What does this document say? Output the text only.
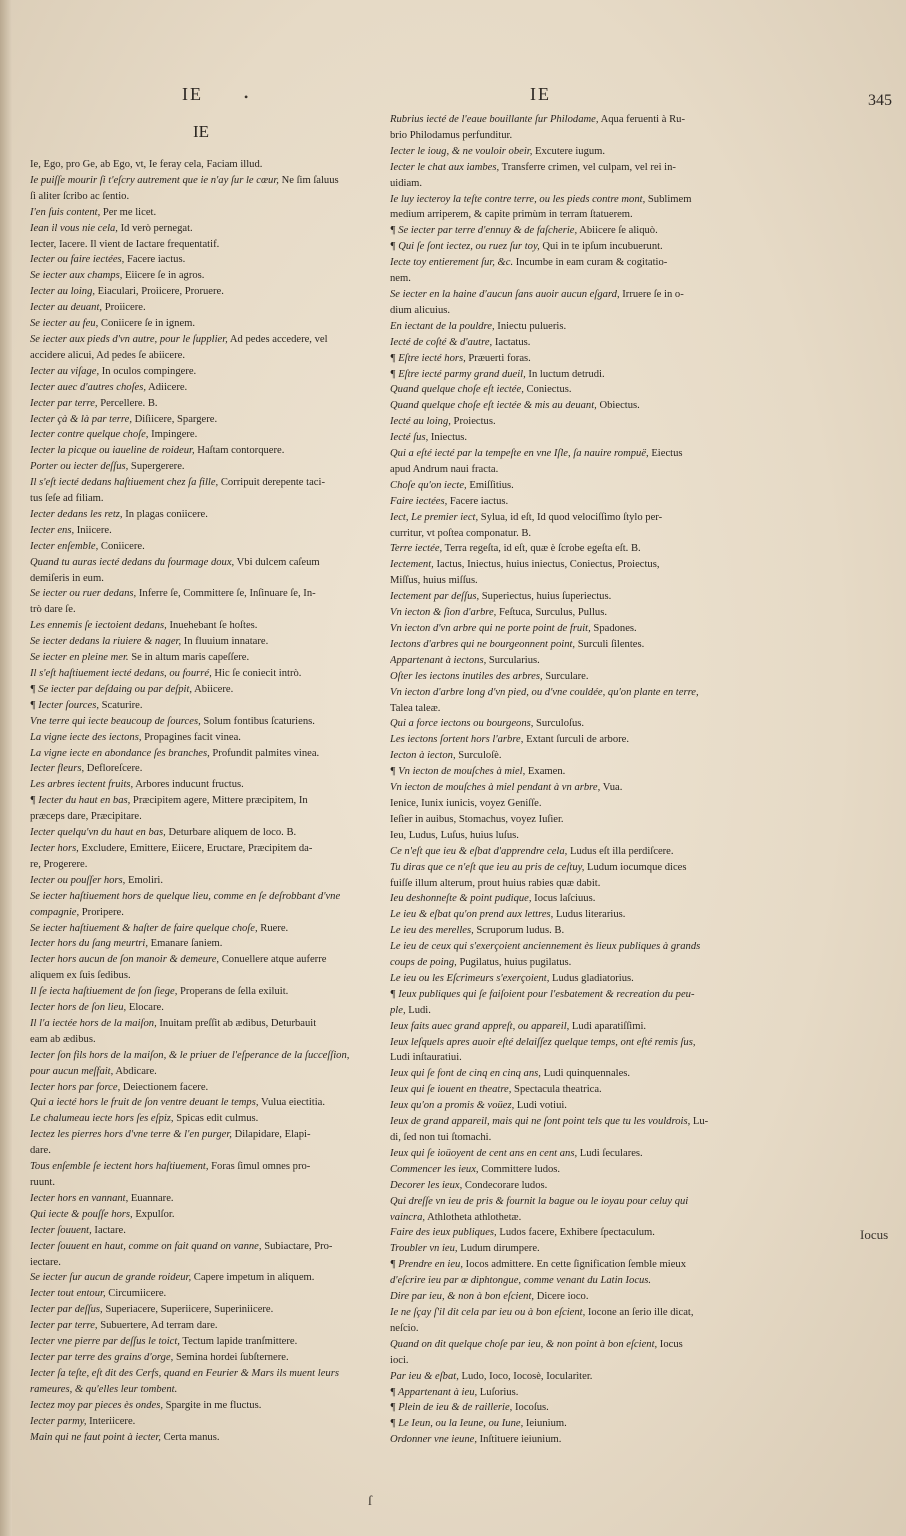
IE	•	IE	345
IE
Ie, Ego, pro Ge, ab Ego, vt, Ie feray cela, Faciam illud.
Ie puiſſe mourir ſi t'eſcry autrement que ie n'ay ſur le cœur, Ne ſim ſaluus
ſi aliter ſcribo ac ſentio.
I'en ſuis content, Per me licet.
Iean il vous nie cela, Id verò pernegat.
Iecter, Iacere. Il vient de Iactare frequentatif.
Iecter ou faire iectées, Facere iactus.
Se iecter aux champs, Eiicere ſe in agros.
Iecter au loing, Eiaculari, Proiicere, Proruere.
Iecter au deuant, Proiicere.
Se iecter au feu, Coniicere ſe in ignem.
Se iecter aux pieds d'vn autre, pour le ſupplier, Ad pedes accedere, vel
accidere alicui, Ad pedes ſe abiicere.
Iecter au viſage, In oculos compingere.
Iecter auec d'autres choſes, Adiicere.
Iecter par terre, Percellere. B.
Iecter çà & là par terre, Diſiicere, Spargere.
Iecter contre quelque choſe, Impingere.
Iecter la picque ou iaueline de roideur, Haſtam contorquere.
Porter ou iecter deſſus, Supergerere.
Il s'eſt iecté dedans haſtiuement chez ſa fille, Corripuit derepente taci-
tus ſeſe ad filiam.
Iecter dedans les retz, In plagas coniicere.
Iecter ens, Iniicere.
Iecter enſemble, Coniicere.
Quand tu auras iecté dedans du fourmage doux, Vbi dulcem caſeum
demiſeris in eum.
Se iecter ou ruer dedans, Inferre ſe, Committere ſe, Inſinuare ſe, In-
trò dare ſe.
Les ennemis ſe iectoient dedans, Inuehebant ſe hoſtes.
Se iecter dedans la riuiere & nager, In fluuium innatare.
Se iecter en pleine mer. Se in altum maris capeſſere.
Il s'eſt haſtiuement iecté dedans, ou fourré, Hic ſe coniecit intrò.
¶ Se iecter par deſdaing ou par deſpit, Abiicere.
¶ Iecter ſources, Scaturire.
Vne terre qui iecte beaucoup de ſources, Solum fontibus ſcaturiens.
La vigne iecte des iectons, Propagines facit vinea.
La vigne iecte en abondance ſes branches, Profundit palmites vinea.
Iecter fleurs, Defloreſcere.
Les arbres iectent fruits, Arbores inducunt fructus.
¶ Iecter du haut en bas, Præcipitem agere, Mittere præcipitem, In
præceps dare, Præcipitare.
Iecter quelqu'vn du haut en bas, Deturbare aliquem de loco. B.
Iecter hors, Excludere, Emittere, Eiicere, Eructare, Præcipitem da-
re, Progerere.
Iecter ou pouſſer hors, Emoliri.
Se iecter haſtiuement hors de quelque lieu, comme en ſe deſrobbant d'vne
compagnie, Proripere.
Se iecter haſtiuement & haſter de faire quelque choſe, Ruere.
Iecter hors du ſang meurtri, Emanare ſaniem.
Iecter hors aucun de ſon manoir & demeure, Conuellere atque auferre
aliquem ex ſuis ſedibus.
Il ſe iecta haſtiuement de ſon ſiege, Properans de ſella exiluit.
Iecter hors de ſon lieu, Elocare.
Il l'a iectée hors de la maiſon, Inuitam preſſit ab ædibus, Deturbauit
eam ab ædibus.
Iecter ſon fils hors de la maiſon, & le priuer de l'eſperance de la ſucceſſion,
pour aucun meſfait, Abdicare.
Iecter hors par force, Deiectionem facere.
Qui a iecté hors le fruit de ſon ventre deuant le temps, Vulua eiectitia.
Le chalumeau iecte hors ſes eſpiz, Spicas edit culmus.
Iectez les pierres hors d'vne terre & l'en purger, Dilapidare, Elapi-
dare.
Tous enſemble ſe iectent hors haſtiuement, Foras ſimul omnes pro-
ruunt.
Iecter hors en vannant, Euannare.
Qui iecte & pouſſe hors, Expulſor.
Iecter ſouuent, Iactare.
Iecter ſouuent en haut, comme on fait quand on vanne, Subiactare, Pro-
iectare.
Se iecter ſur aucun de grande roideur, Capere impetum in aliquem.
Iecter tout entour, Circumiicere.
Iecter par deſſus, Superiacere, Superiicere, Superiniicere.
Iecter par terre, Subuertere, Ad terram dare.
Iecter vne pierre par deſſus le toict, Tectum lapide tranſmittere.
Iecter par terre des grains d'orge, Semina hordei ſubſternere.
Iecter ſa teſte, eſt dit des Cerfs, quand en Feurier & Mars ils muent leurs
rameures, & qu'elles leur tombent.
Iectez moy par pieces ès ondes, Spargite in me fluctus.
Iecter parmy, Interiicere.
Main qui ne faut point à iecter, Certa manus.
Rubrius iecté de l'eaue bouillante ſur Philodame, Aqua feruenti à Ru-
brio Philodamus perfunditur.
Iecter le ioug, & ne vouloir obeir, Excutere iugum.
Iecter le chat aux iambes, Transferre crimen, vel culpam, vel rei in-
uidiam.
Ie luy iecteroy la teſte contre terre, ou les pieds contre mont, Sublimem
medium arriperem, & capite primùm in terram ſtatuerem.
¶ Se iecter par terre d'ennuy & de faſcherie, Abiicere ſe aliquò.
¶ Qui ſe ſont iectez, ou ruez ſur toy, Qui in te ipſum incubuerunt.
Iecte toy entierement ſur, &c. Incumbe in eam curam & cogitatio-
nem.
Se iecter en la haine d'aucun ſans auoir aucun eſgard, Irruere ſe in o-
dium alicuius.
En iectant de la pouldre, Iniectu pulueris.
Iecté de coſté & d'autre, Iactatus.
¶ Eſtre iecté hors, Præuerti foras.
¶ Eſtre iecté parmy grand dueil, In luctum detrudi.
Quand quelque choſe eſt iectée, Coniectus.
Quand quelque choſe eſt iectée & mis au deuant, Obiectus.
Iecté au loing, Proiectus.
Iecté ſus, Iniectus.
Qui a eſté iecté par la tempeſte en vne Iſle, ſa nauire rompuë, Eiectus
apud Andrum naui fracta.
Choſe qu'on iecte, Emiſſitius.
Faire iectées, Facere iactus.
Iect, Le premier iect, Sylua, id eſt, Id quod velociſſimo ſtylo per-
curritur, vt poſtea componatur. B.
Terre iectée, Terra regeſta, id eſt, quæ è ſcrobe egeſta eſt. B.
Iectement, Iactus, Iniectus, huius iniectus, Coniectus, Proiectus,
Miſſus, huius miſſus.
Iectement par deſſus, Superiectus, huius ſuperiectus.
Vn iecton & ſion d'arbre, Feſtuca, Surculus, Pullus.
Vn iecton d'vn arbre qui ne porte point de fruit, Spadones.
Iectons d'arbres qui ne bourgeonnent point, Surculi ſilentes.
Appartenant à iectons, Surcularius.
Oſter les iectons inutiles des arbres, Surculare.
Vn iecton d'arbre long d'vn pied, ou d'vne couldée, qu'on plante en terre,
Talea taleæ.
Qui a force iectons ou bourgeons, Surculoſus.
Les iectons ſortent hors l'arbre, Extant ſurculi de arbore.
Iecton à iecton, Surculoſè.
¶ Vn iecton de mouſches à miel, Examen.
Vn iecton de mouſches à miel pendant à vn arbre, Vua.
Ienice, Iunix iunicis, voyez Geniſſe.
Ieſier in auibus, Stomachus, voyez Iuſier.
Ieu, Ludus, Luſus, huius luſus.
Ce n'eſt que ieu & eſbat d'apprendre cela, Ludus eſt illa perdiſcere.
Tu diras que ce n'eſt que ieu au pris de ceſtuy, Ludum iocumque dices
fuiſſe illum alterum, prout huius rabies quæ dabit.
Ieu deshonneſte & point pudique, Iocus laſciuus.
Le ieu & eſbat qu'on prend aux lettres, Ludus literarius.
Le ieu des merelles, Scruporum ludus. B.
Le ieu de ceux qui s'exerçoient anciennement ès lieux publiques à grands
coups de poing, Pugilatus, huius pugilatus.
Le ieu ou les Eſcrimeurs s'exerçoient, Ludus gladiatorius.
¶ Ieux publiques qui ſe faiſoient pour l'esbatement & recreation du peu-
ple, Ludi.
Ieux faits auec grand appreſt, ou appareil, Ludi aparatiſſimi.
Ieux leſquels apres auoir eſté delaiſſez quelque temps, ont eſté remis ſus,
Ludi inſtauratiui.
Ieux qui ſe font de cinq en cinq ans, Ludi quinquennales.
Ieux qui ſe iouent en theatre, Spectacula theatrica.
Ieux qu'on a promis & voüez, Ludi votiui.
Ieux de grand appareil, mais qui ne ſont point tels que tu les vouldrois, Lu-
di, ſed non tui ſtomachi.
Ieux qui ſe ioüoyent de cent ans en cent ans, Ludi ſeculares.
Commencer les ieux, Committere ludos.
Decorer les ieux, Condecorare ludos.
Qui dreſſe vn ieu de pris & fournit la bague ou le ioyau pour celuy qui
vaincra, Athlotheta athlothetæ.
Faire des ieux publiques, Ludos facere, Exhibere ſpectaculum.
Troubler vn ieu, Ludum dirumpere.
¶ Prendre en ieu, Iocos admittere. En cette ſignification ſemble mieux
d'eſcrire ieu par œ diphtongue, comme venant du Latin Iocus.
Dire par ieu, & non à bon eſcient, Dicere ioco.
Ie ne ſçay ſ'il dit cela par ieu ou à bon eſcient, Iocone an ſerio ille dicat,
neſcio.
Quand on dit quelque choſe par ieu, & non point à bon eſcient, Iocus
ioci.
Par ieu & eſbat, Ludo, Ioco, Iocosè, Iocularìter.
¶ Appartenant à ieu, Luſorius.
¶ Plein de ieu & de raillerie, Iocoſus.
¶ Le Ieun, ou la Ieune, ou Iune, Ieiunium.
Ordonner vne ieune, Inſtituere ieiunium.
Iocus
ſ
